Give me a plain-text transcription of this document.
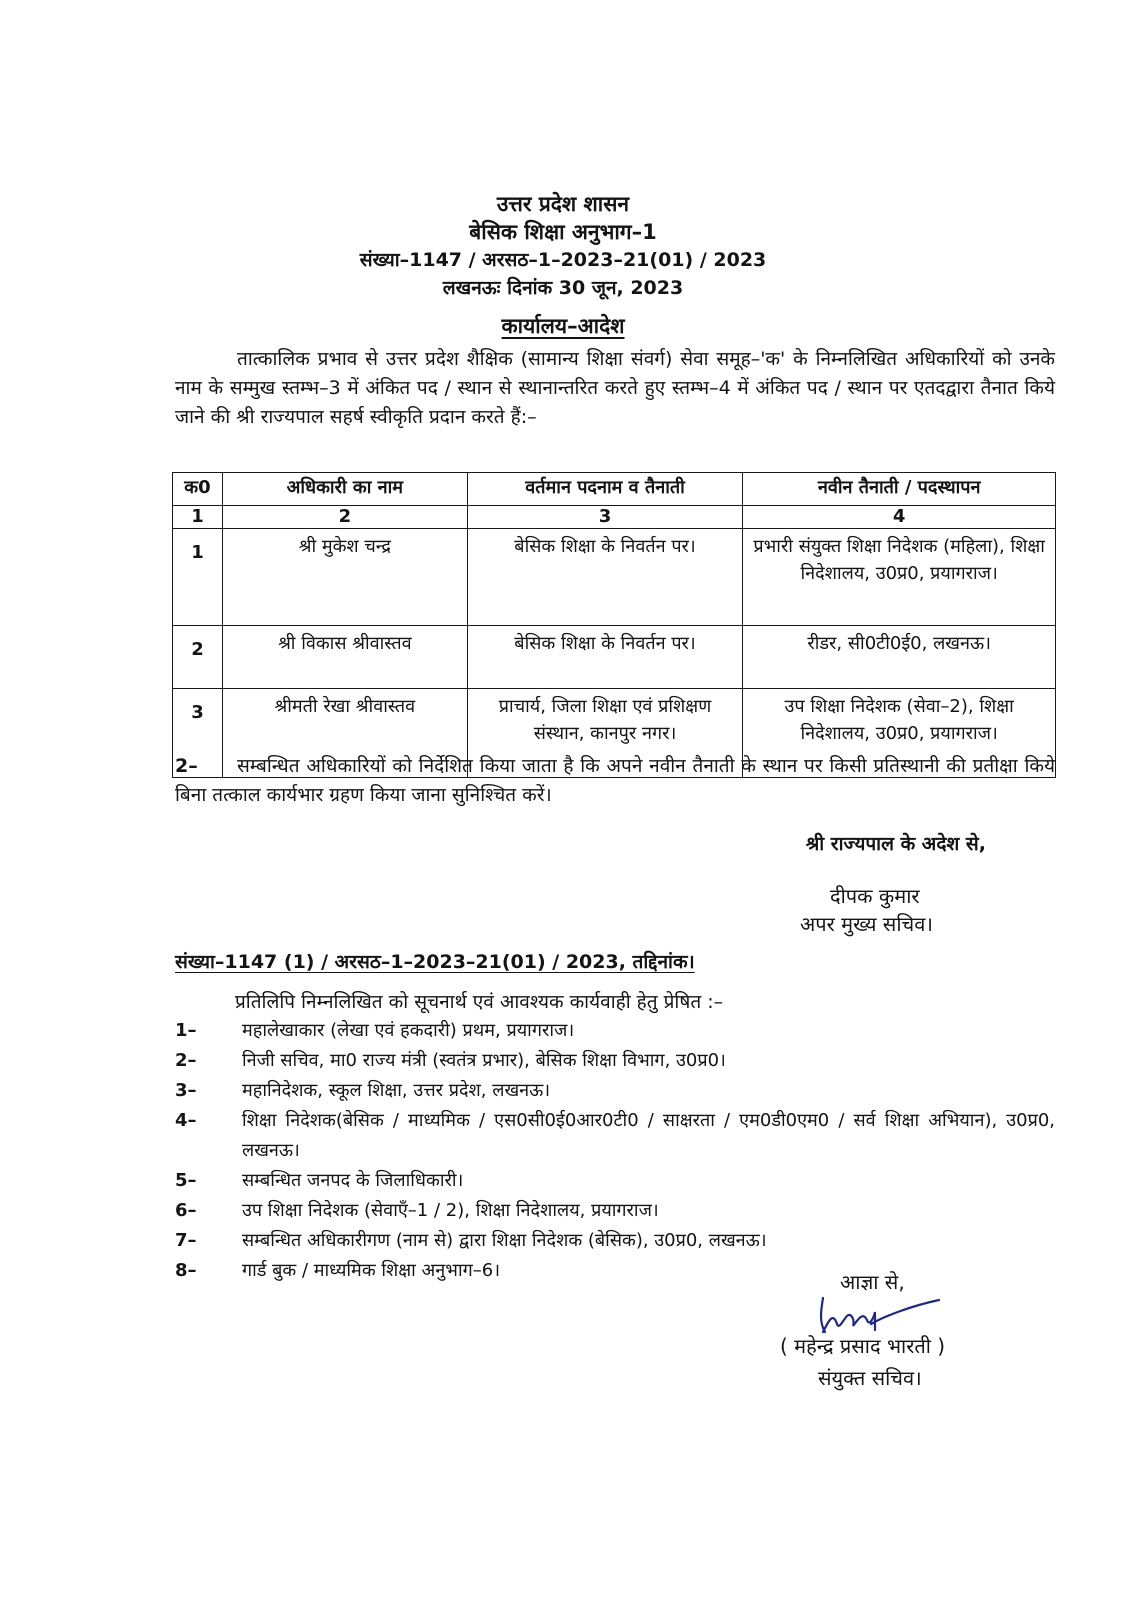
उत्तर प्रदेश शासन
बेसिक शिक्षा अनुभाग–1
संख्या–1147 / अरसठ–1–2023–21(01) / 2023
लखनऊः दिनांक 30 जून, 2023
कार्यालय–आदेश
तात्कालिक प्रभाव से उत्तर प्रदेश शैक्षिक (सामान्य शिक्षा संवर्ग) सेवा समूह–'क' के निम्नलिखित अधिकारियों को उनके नाम के सम्मुख स्तम्भ–3 में अंकित पद / स्थान से स्थानान्तरित करते हुए स्तम्भ–4 में अंकित पद / स्थान पर एतदद्वारा तैनात किये जाने की श्री राज्यपाल सहर्ष स्वीकृति प्रदान करते हैं:–
क0	अधिकारी का नाम	वर्तमान पदनाम व तैनाती	नवीन तैनाती / पदस्थापन
1	2	3	4
1	श्री मुकेश चन्द्र	बेसिक शिक्षा के निवर्तन पर।	प्रभारी संयुक्त शिक्षा निदेशक (महिला), शिक्षा निदेशालय, उ0प्र0, प्रयागराज।
2	श्री विकास श्रीवास्तव	बेसिक शिक्षा के निवर्तन पर।	रीडर, सी0टी0ई0, लखनऊ।
3	श्रीमती रेखा श्रीवास्तव	प्राचार्य, जिला शिक्षा एवं प्रशिक्षण संस्थान, कानपुर नगर।	उप शिक्षा निदेशक (सेवा–2), शिक्षा निदेशालय, उ0प्र0, प्रयागराज।
2– सम्बन्धित अधिकारियों को निर्देशित किया जाता है कि अपने नवीन तैनाती के स्थान पर किसी प्रतिस्थानी की प्रतीक्षा किये बिना तत्काल कार्यभार ग्रहण किया जाना सुनिश्चित करें।
श्री राज्यपाल के अदेश से,
दीपक कुमार
अपर मुख्य सचिव।
संख्या–1147 (1) / अरसठ–1–2023–21(01) / 2023, तद्दिनांक।
प्रतिलिपि निम्नलिखित को सूचनार्थ एवं आवश्यक कार्यवाही हेतु प्रेषित :–
1–	महालेखाकार (लेखा एवं हकदारी) प्रथम, प्रयागराज।
2–	निजी सचिव, मा0 राज्य मंत्री (स्वतंत्र प्रभार), बेसिक शिक्षा विभाग, उ0प्र0।
3–	महानिदेशक, स्कूल शिक्षा, उत्तर प्रदेश, लखनऊ।
4–	शिक्षा निदेशक(बेसिक / माध्यमिक / एस0सी0ई0आर0टी0 / साक्षरता / एम0डी0एम0 / सर्व शिक्षा अभियान), उ0प्र0, लखनऊ।
5–	सम्बन्धित जनपद के जिलाधिकारी।
6–	उप शिक्षा निदेशक (सेवाएँ–1 / 2), शिक्षा निदेशालय, प्रयागराज।
7–	सम्बन्धित अधिकारीगण (नाम से) द्वारा शिक्षा निदेशक (बेसिक), उ0प्र0, लखनऊ।
8–	गार्ड बुक / माध्यमिक शिक्षा अनुभाग–6।	आज्ञा से,
( महेन्द्र प्रसाद भारती )
संयुक्त सचिव।
